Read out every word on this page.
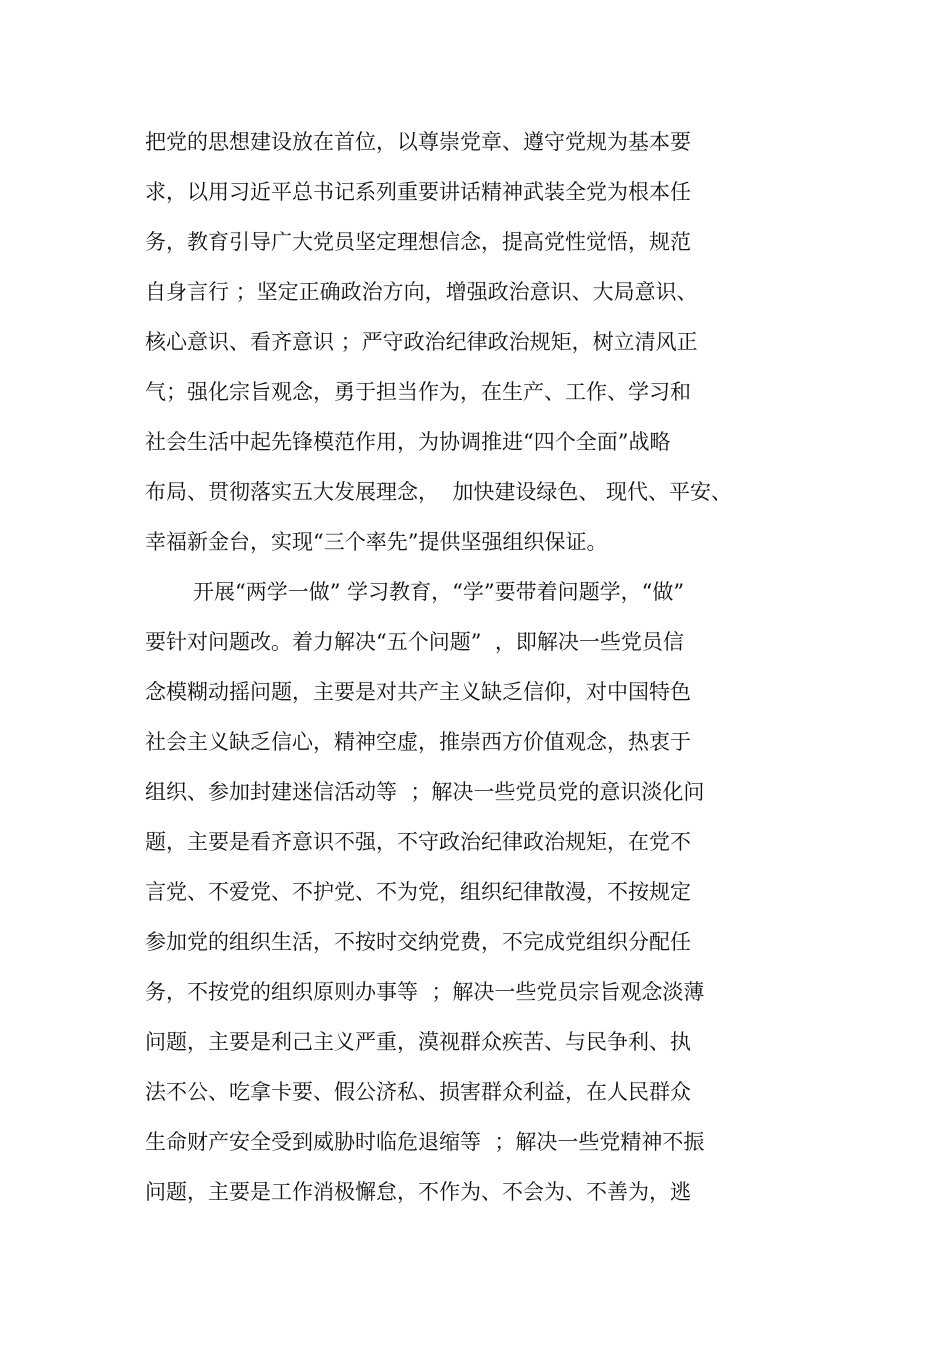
把党的思想建设放在首位，以尊崇党章、遵守党规为基本要

求，以用习近平总书记系列重要讲话精神武装全党为根本任

务，教育引导广大党员坚定理想信念，提高党性觉悟，规范

自身言行 ；坚定正确政治方向，增强政治意识、大局意识、

核心意识、看齐意识 ；严守政治纪律政治规矩，树立清风正

气；强化宗旨观念，勇于担当作为，在生产、工作、学习和

社会生活中起先锋模范作用，为协调推进“四个全面”战略

布局、贯彻落实五大发展理念，  加快建设绿色、 现代、平安、

幸福新金台，实现“三个率先”提供坚强组织保证。

开展“两学一做” 学习教育，“学”要带着问题学，“做”

要针对问题改。着力解决“五个问题”  ，即解决一些党员信

念模糊动摇问题，主要是对共产主义缺乏信仰，对中国特色

社会主义缺乏信心，精神空虚，推崇西方价值观念，热衷于

组织、参加封建迷信活动等  ；解决一些党员党的意识淡化问

题，主要是看齐意识不强，不守政治纪律政治规矩，在党不

言党、不爱党、不护党、不为党，组织纪律散漫，不按规定

参加党的组织生活，不按时交纳党费，不完成党组织分配任

务，不按党的组织原则办事等  ；解决一些党员宗旨观念淡薄

问题，主要是利己主义严重，漠视群众疾苦、与民争利、执

法不公、吃拿卡要、假公济私、损害群众利益，在人民群众

生命财产安全受到威胁时临危退缩等  ；解决一些党精神不振

问题，主要是工作消极懈怠，不作为、不会为、不善为，逃
